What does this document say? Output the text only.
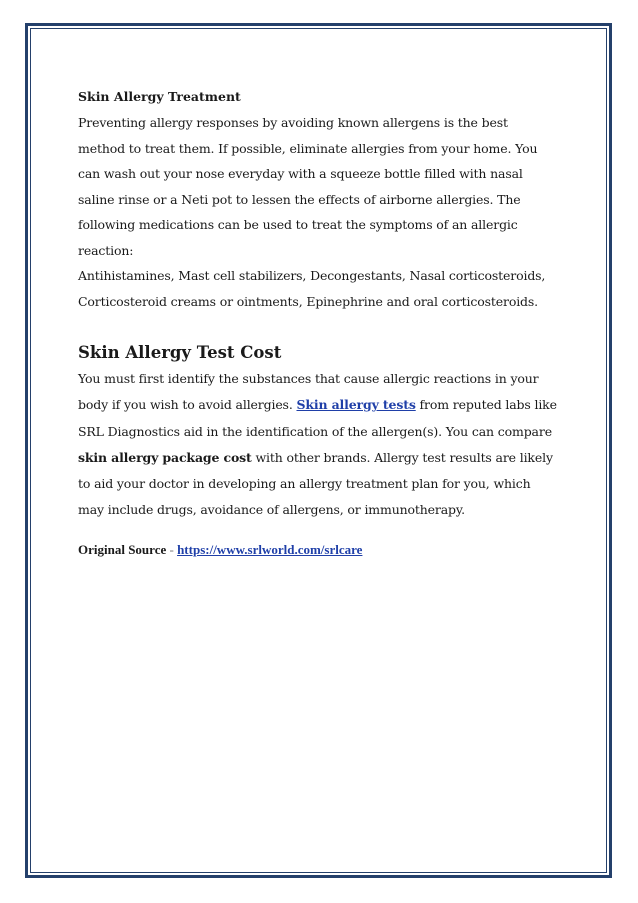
Skin Allergy Treatment

Preventing allergy responses by avoiding known allergens is the best method to treat them. If possible, eliminate allergies from your home. You can wash out your nose everyday with a squeeze bottle filled with nasal saline rinse or a Neti pot to lessen the effects of airborne allergies. The following medications can be used to treat the symptoms of an allergic reaction:

Antihistamines, Mast cell stabilizers, Decongestants, Nasal corticosteroids, Corticosteroid creams or ointments, Epinephrine and oral corticosteroids.

Skin Allergy Test Cost

You must first identify the substances that cause allergic reactions in your body if you wish to avoid allergies. Skin allergy tests from reputed labs like SRL Diagnostics aid in the identification of the allergen(s). You can compare skin allergy package cost with other brands. Allergy test results are likely to aid your doctor in developing an allergy treatment plan for you, which may include drugs, avoidance of allergens, or immunotherapy.

Original Source - https://www.srlworld.com/srlcare
